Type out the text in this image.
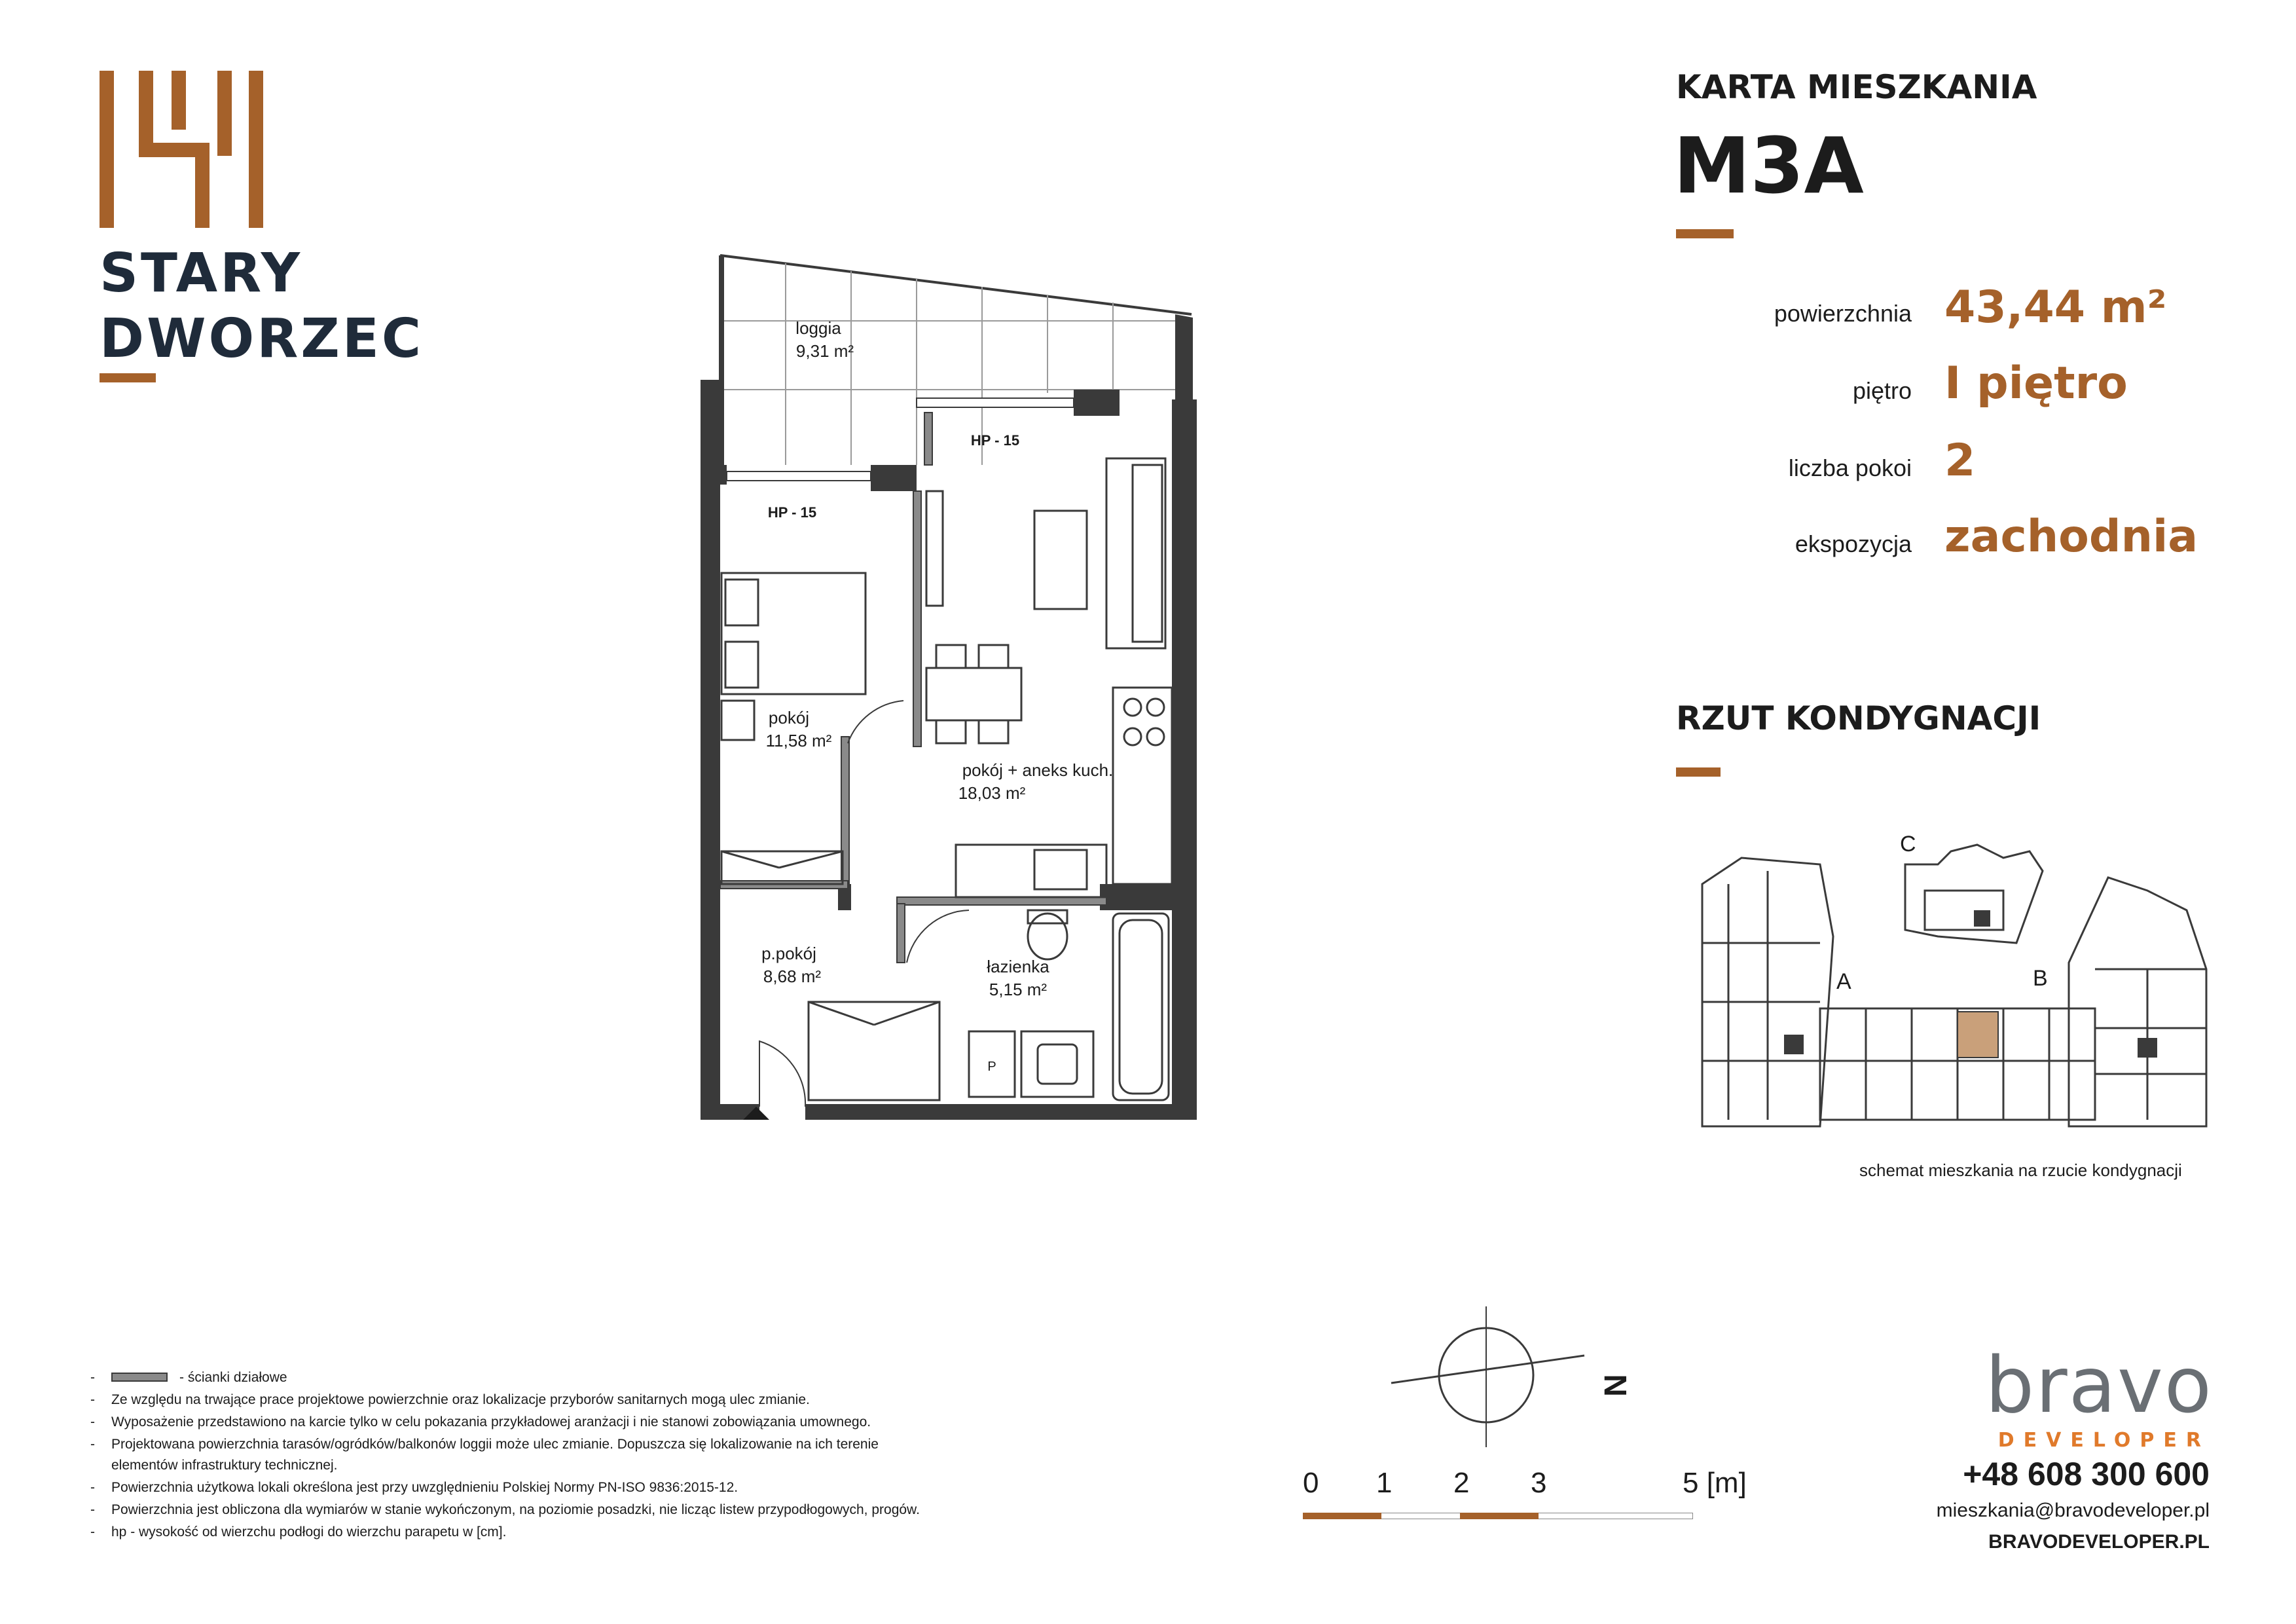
STARY
DWORZEC
KARTA MIESZKANIA
M3A
powierzchnia 43,44 m²
piętro I piętro
liczba pokoi 2
ekspozycja zachodnia
RZUT KONDYGNACJI
loggia
9,31 m²
HP - 15
HP - 15
pokój
11,58 m²
pokój + aneks kuch.
18,03 m²
p.pokój
8,68 m²	łazienka
5,15 m²
P
A	B
C
schemat mieszkania na rzucie kondygnacji
N
0 1 2 3	5 [m]
-	- ścianki działowe
- Ze względu na trwające prace projektowe powierzchnie oraz lokalizacje przyborów sanitarnych mogą ulec zmianie.
- Wyposażenie przedstawiono na karcie tylko w celu pokazania przykładowej aranżacji i nie stanowi zobowiązania umownego.
- Projektowana powierzchnia tarasów/ogródków/balkonów loggii może ulec zmianie. Dopuszcza się lokalizowanie na ich terenie
elementów infrastruktury technicznej.
- Powierzchnia użytkowa lokali określona jest przy uwzględnieniu Polskiej Normy PN-ISO 9836:2015-12.
- Powierzchnia jest obliczona dla wymiarów w stanie wykończonym, na poziomie posadzki, nie licząc listew przypodłogowych, progów.
- hp - wysokość od wierzchu podłogi do wierzchu parapetu w [cm].
bravo
DEVELOPER
+48 608 300 600
mieszkania@bravodeveloper.pl
BRAVODEVELOPER.PL
